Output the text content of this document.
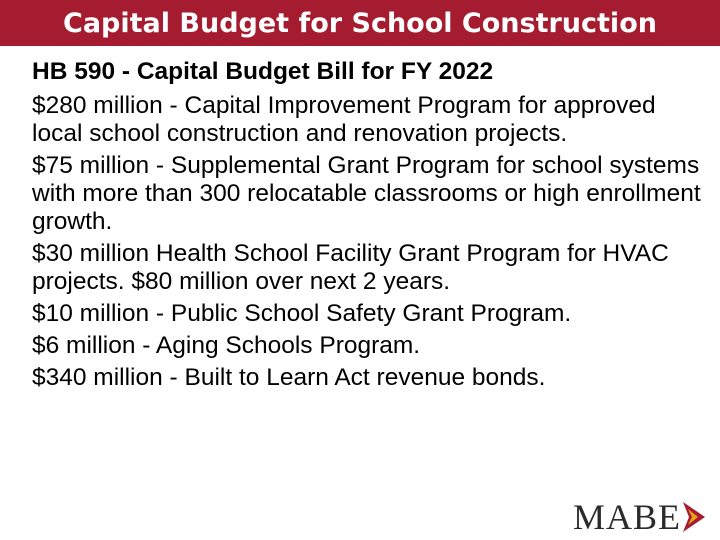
Capital Budget for School Construction
HB 590 - Capital Budget Bill for FY 2022
$280 million - Capital Improvement Program for approved local school construction and renovation projects.
$75 million - Supplemental Grant Program for school systems with more than 300 relocatable classrooms or high enrollment growth.
$30 million Health School Facility Grant Program for HVAC projects. $80 million over next 2 years.
$10 million - Public School Safety Grant Program.
$6 million - Aging Schools Program.
$340 million - Built to Learn Act revenue bonds.
MABE
